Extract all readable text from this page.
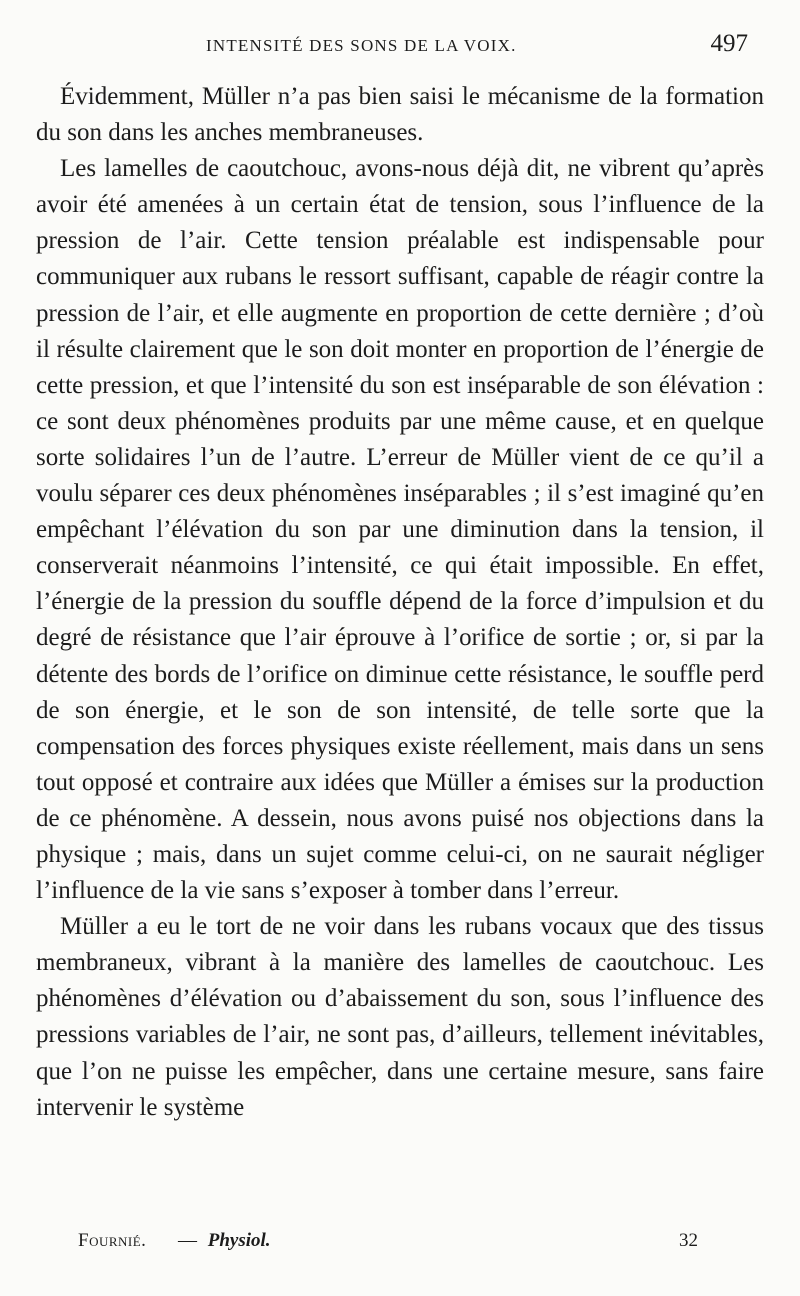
INTENSITÉ DES SONS DE LA VOIX.	497

Évidemment, Müller n’a pas bien saisi le mécanisme de la formation du son dans les anches membraneuses.

Les lamelles de caoutchouc, avons-nous déjà dit, ne vibrent qu’après avoir été amenées à un certain état de tension, sous l’influence de la pression de l’air. Cette tension préalable est indispensable pour communiquer aux rubans le ressort suffisant, capable de réagir contre la pression de l’air, et elle augmente en proportion de cette dernière ; d’où il résulte clairement que le son doit monter en proportion de l’énergie de cette pression, et que l’intensité du son est inséparable de son élévation : ce sont deux phénomènes produits par une même cause, et en quelque sorte solidaires l’un de l’autre. L’erreur de Müller vient de ce qu’il a voulu séparer ces deux phénomènes inséparables ; il s’est imaginé qu’en empêchant l’élévation du son par une diminution dans la tension, il conserverait néanmoins l’intensité, ce qui était impossible. En effet, l’énergie de la pression du souffle dépend de la force d’impulsion et du degré de résistance que l’air éprouve à l’orifice de sortie ; or, si par la détente des bords de l’orifice on diminue cette résistance, le souffle perd de son énergie, et le son de son intensité, de telle sorte que la compensation des forces physiques existe réellement, mais dans un sens tout opposé et contraire aux idées que Müller a émises sur la production de ce phénomène. A dessein, nous avons puisé nos objections dans la physique ; mais, dans un sujet comme celui-ci, on ne saurait négliger l’influence de la vie sans s’exposer à tomber dans l’erreur.

Müller a eu le tort de ne voir dans les rubans vocaux que des tissus membraneux, vibrant à la manière des lamelles de caoutchouc. Les phénomènes d’élévation ou d’abaissement du son, sous l’influence des pressions variables de l’air, ne sont pas, d’ailleurs, tellement inévitables, que l’on ne puisse les empêcher, dans une certaine mesure, sans faire intervenir le système

Fournié.	— Physiol.	32
